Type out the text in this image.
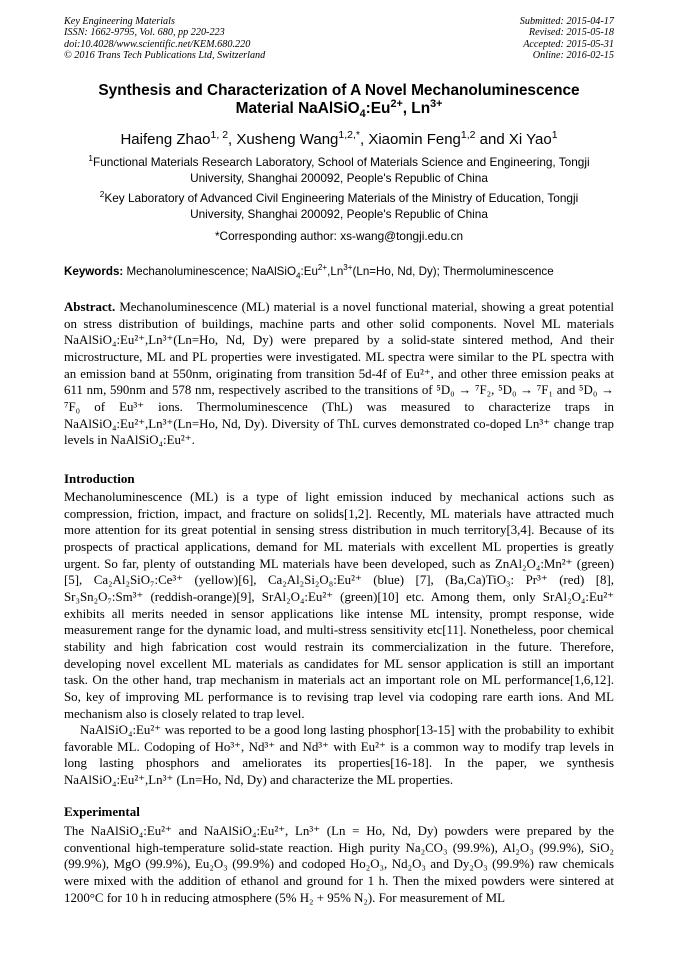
Key Engineering Materials
ISSN: 1662-9795, Vol. 680, pp 220-223
doi:10.4028/www.scientific.net/KEM.680.220
© 2016 Trans Tech Publications Ltd, Switzerland
Submitted: 2015-04-17
Revised: 2015-05-18
Accepted: 2015-05-31
Online: 2016-02-15
Synthesis and Characterization of A Novel Mechanoluminescence
Material $NaAlSiO_4:Eu^{2+}$, $Ln^{3+}$
Haifeng Zhao$^{1, 2}$, Xusheng Wang$^{1,2,*}$, Xiaomin Feng$^{1,2}$ and Xi Yao$^1$
$^1$Functional Materials Research Laboratory, School of Materials Science and Engineering, Tongji
University, Shanghai 200092, People's Republic of China
$^2$Key Laboratory of Advanced Civil Engineering Materials of the Ministry of Education, Tongji
University, Shanghai 200092, People's Republic of China
*Corresponding author: xs-wang@tongji.edu.cn
Keywords: Mechanoluminescence; $NaAlSiO_4:Eu^{2+},Ln^{3+}(Ln=Ho$, Nd, Dy); Thermoluminescence
Abstract. Mechanoluminescence (ML) material is a novel functional material, showing a great potential on stress distribution of buildings, machine parts and other solid components. Novel ML materials NaAlSiO₄:Eu²⁺,Ln³⁺(Ln=Ho, Nd, Dy) were prepared by a solid-state sintered method, And their microstructure, ML and PL properties were investigated. ML spectra were similar to the PL spectra with an emission band at 550nm, originating from transition 5d-4f of Eu²⁺, and other three emission peaks at 611 nm, 590nm and 578 nm, respectively ascribed to the transitions of ⁵D₀ → ⁷F₂, ⁵D₀ → ⁷F₁ and ⁵D₀ → ⁷F₀ of Eu³⁺ ions. Thermoluminescence (ThL) was measured to characterize traps in NaAlSiO₄:Eu²⁺,Ln³⁺(Ln=Ho, Nd, Dy). Diversity of ThL curves demonstrated co-doped Ln³⁺ change trap levels in NaAlSiO₄:Eu²⁺.
Introduction
Mechanoluminescence (ML) is a type of light emission induced by mechanical actions such as compression, friction, impact, and fracture on solids[1,2]. Recently, ML materials have attracted much more attention for its great potential in sensing stress distribution in much territory[3,4]. Because of its prospects of practical applications, demand for ML materials with excellent ML properties is greatly urgent. So far, plenty of outstanding ML materials have been developed, such as ZnAl₂O₄:Mn²⁺ (green)[5], Ca₂Al₂SiO₇:Ce³⁺ (yellow)[6], Ca₂Al₂Si₂O₈:Eu²⁺ (blue) [7], (Ba,Ca)TiO₃: Pr³⁺ (red) [8], Sr₃Sn₂O₇:Sm³⁺ (reddish-orange)[9], SrAl₂O₄:Eu²⁺ (green)[10] etc. Among them, only SrAl₂O₄:Eu²⁺ exhibits all merits needed in sensor applications like intense ML intensity, prompt response, wide measurement range for the dynamic load, and multi-stress sensitivity etc[11]. Nonetheless, poor chemical stability and high fabrication cost would restrain its commercialization in the future. Therefore, developing novel excellent ML materials as candidates for ML sensor application is still an important task. On the other hand, trap mechanism in materials act an important role on ML performance[1,6,12]. So, key of improving ML performance is to revising trap level via codoping rare earth ions. And ML mechanism also is closely related to trap level.
NaAlSiO₄:Eu²⁺ was reported to be a good long lasting phosphor[13-15] with the probability to exhibit favorable ML. Codoping of Ho³⁺, Nd³⁺ and Nd³⁺ with Eu²⁺ is a common way to modify trap levels in long lasting phosphors and ameliorates its properties[16-18]. In the paper, we synthesis NaAlSiO₄:Eu²⁺,Ln³⁺ (Ln=Ho, Nd, Dy) and characterize the ML properties.
Experimental
The NaAlSiO₄:Eu²⁺ and NaAlSiO₄:Eu²⁺, Ln³⁺ (Ln = Ho, Nd, Dy) powders were prepared by the conventional high-temperature solid-state reaction. High purity Na₂CO₃ (99.9%), Al₂O₃ (99.9%), SiO₂ (99.9%), MgO (99.9%), Eu₂O₃ (99.9%) and codoped Ho₂O₃, Nd₂O₃ and Dy₂O₃ (99.9%) raw chemicals were mixed with the addition of ethanol and ground for 1 h. Then the mixed powders were sintered at 1200°C for 10 h in reducing atmosphere (5% H₂ + 95% N₂). For measurement of ML
